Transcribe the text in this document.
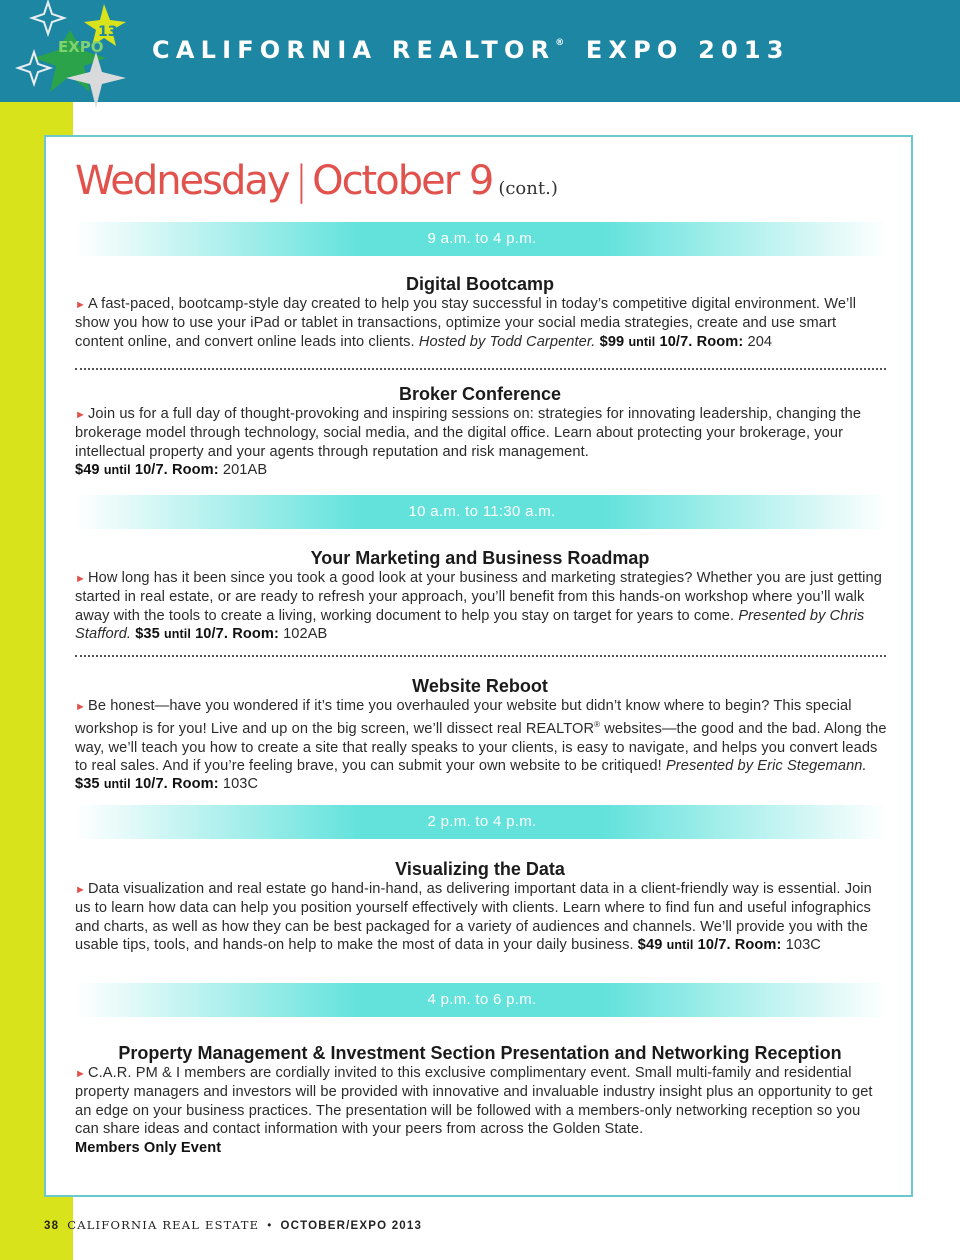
CALIFORNIA REALTOR® EXPO 2013
EXPO
13
Wednesday | October 9 (cont.)
9 a.m. to 4 p.m.
Digital Bootcamp
► A fast-paced, bootcamp-style day created to help you stay successful in today’s competitive digital environment. We’ll show you how to use your iPad or tablet in transactions, optimize your social media strategies, create and use smart content online, and convert online leads into clients. Hosted by Todd Carpenter. $99 until 10/7. Room: 204
Broker Conference
► Join us for a full day of thought-provoking and inspiring sessions on: strategies for innovating leadership, changing the brokerage model through technology, social media, and the digital office. Learn about protecting your brokerage, your intellectual property and your agents through reputation and risk management.
$49 until 10/7. Room: 201AB
10 a.m. to 11:30 a.m.
Your Marketing and Business Roadmap
► How long has it been since you took a good look at your business and marketing strategies? Whether you are just getting started in real estate, or are ready to refresh your approach, you’ll benefit from this hands-on workshop where you’ll walk away with the tools to create a living, working document to help you stay on target for years to come. Presented by Chris Stafford. $35 until 10/7. Room: 102AB
Website Reboot
► Be honest—have you wondered if it’s time you overhauled your website but didn’t know where to begin? This special workshop is for you! Live and up on the big screen, we’ll dissect real REALTOR® websites—the good and the bad. Along the way, we’ll teach you how to create a site that really speaks to your clients, is easy to navigate, and helps you convert leads to real sales. And if you’re feeling brave, you can submit your own website to be critiqued! Presented by Eric Stegemann. $35 until 10/7. Room: 103C
2 p.m. to 4 p.m.
Visualizing the Data
► Data visualization and real estate go hand-in-hand, as delivering important data in a client-friendly way is essential. Join us to learn how data can help you position yourself effectively with clients. Learn where to find fun and useful infographics and charts, as well as how they can be best packaged for a variety of audiences and channels. We’ll provide you with the usable tips, tools, and hands-on help to make the most of data in your daily business. $49 until 10/7. Room: 103C
4 p.m. to 6 p.m.
Property Management & Investment Section Presentation and Networking Reception
► C.A.R. PM & I members are cordially invited to this exclusive complimentary event. Small multi-family and residential property managers and investors will be provided with innovative and invaluable industry insight plus an opportunity to get an edge on your business practices. The presentation will be followed with a members-only networking reception so you can share ideas and contact information with your peers from across the Golden State.
Members Only Event
38 CALIFORNIA REAL ESTATE • OCTOBER/EXPO 2013
